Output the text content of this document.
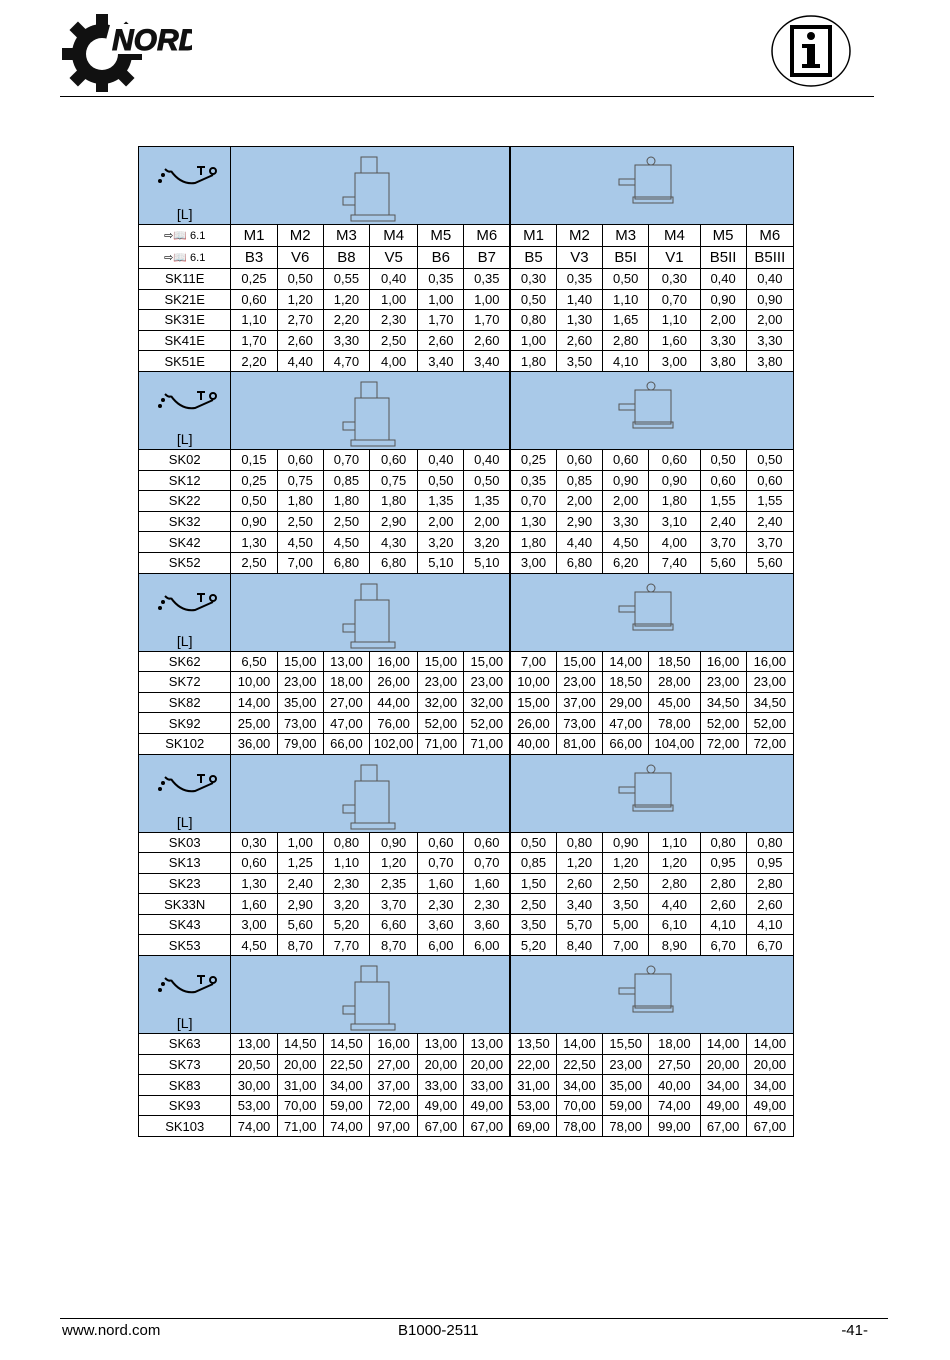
NORD
[L]

⇨📖 6.1	M1	M2	M3	M4	M5	M6	M1	M2	M3	M4	M5	M6
⇨📖 6.1	B3	V6	B8	V5	B6	B7	B5	V3	B5I	V1	B5II	B5III
SK11E	0,25	0,50	0,55	0,40	0,35	0,35	0,30	0,35	0,50	0,30	0,40	0,40
SK21E	0,60	1,20	1,20	1,00	1,00	1,00	0,50	1,40	1,10	0,70	0,90	0,90
SK31E	1,10	2,70	2,20	2,30	1,70	1,70	0,80	1,30	1,65	1,10	2,00	2,00
SK41E	1,70	2,60	3,30	2,50	2,60	2,60	1,00	2,60	2,80	1,60	3,30	3,30
SK51E	2,20	4,40	4,70	4,00	3,40	3,40	1,80	3,50	4,10	3,00	3,80	3,80

[L]

SK02	0,15	0,60	0,70	0,60	0,40	0,40	0,25	0,60	0,60	0,60	0,50	0,50
SK12	0,25	0,75	0,85	0,75	0,50	0,50	0,35	0,85	0,90	0,90	0,60	0,60
SK22	0,50	1,80	1,80	1,80	1,35	1,35	0,70	2,00	2,00	1,80	1,55	1,55
SK32	0,90	2,50	2,50	2,90	2,00	2,00	1,30	2,90	3,30	3,10	2,40	2,40
SK42	1,30	4,50	4,50	4,30	3,20	3,20	1,80	4,40	4,50	4,00	3,70	3,70
SK52	2,50	7,00	6,80	6,80	5,10	5,10	3,00	6,80	6,20	7,40	5,60	5,60

[L]

SK62	6,50	15,00	13,00	16,00	15,00	15,00	7,00	15,00	14,00	18,50	16,00	16,00
SK72	10,00	23,00	18,00	26,00	23,00	23,00	10,00	23,00	18,50	28,00	23,00	23,00
SK82	14,00	35,00	27,00	44,00	32,00	32,00	15,00	37,00	29,00	45,00	34,50	34,50
SK92	25,00	73,00	47,00	76,00	52,00	52,00	26,00	73,00	47,00	78,00	52,00	52,00
SK102	36,00	79,00	66,00	102,00	71,00	71,00	40,00	81,00	66,00	104,00	72,00	72,00

[L]

SK03	0,30	1,00	0,80	0,90	0,60	0,60	0,50	0,80	0,90	1,10	0,80	0,80
SK13	0,60	1,25	1,10	1,20	0,70	0,70	0,85	1,20	1,20	1,20	0,95	0,95
SK23	1,30	2,40	2,30	2,35	1,60	1,60	1,50	2,60	2,50	2,80	2,80	2,80
SK33N	1,60	2,90	3,20	3,70	2,30	2,30	2,50	3,40	3,50	4,40	2,60	2,60
SK43	3,00	5,60	5,20	6,60	3,60	3,60	3,50	5,70	5,00	6,10	4,10	4,10
SK53	4,50	8,70	7,70	8,70	6,00	6,00	5,20	8,40	7,00	8,90	6,70	6,70

[L]

SK63	13,00	14,50	14,50	16,00	13,00	13,00	13,50	14,00	15,50	18,00	14,00	14,00
SK73	20,50	20,00	22,50	27,00	20,00	20,00	22,00	22,50	23,00	27,50	20,00	20,00
SK83	30,00	31,00	34,00	37,00	33,00	33,00	31,00	34,00	35,00	40,00	34,00	34,00
SK93	53,00	70,00	59,00	72,00	49,00	49,00	53,00	70,00	59,00	74,00	49,00	49,00
SK103	74,00	71,00	74,00	97,00	67,00	67,00	69,00	78,00	78,00	99,00	67,00	67,00
www.nord.com	B1000-2511	-41-
